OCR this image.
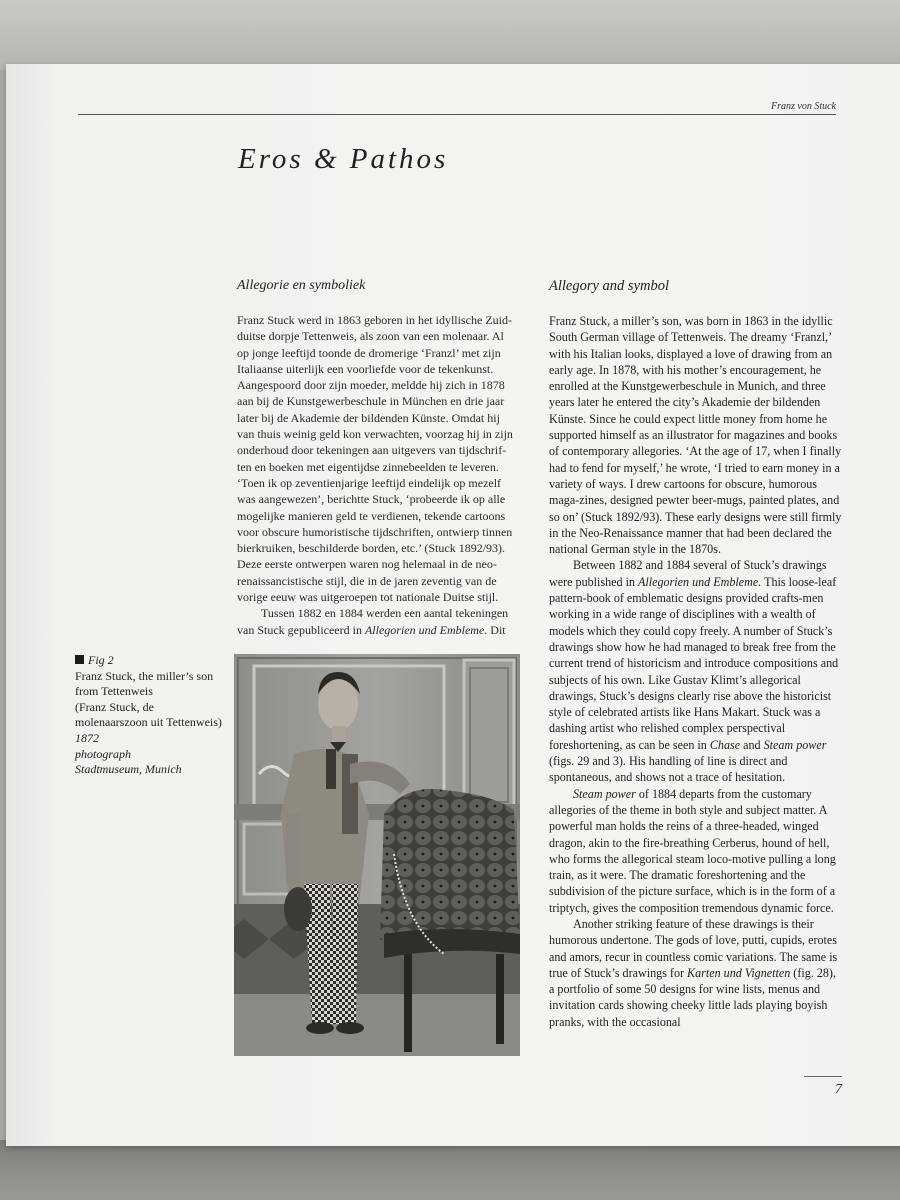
Franz von Stuck
Eros & Pathos
Allegorie en symboliek

Franz Stuck werd in 1863 geboren in het idyllische Zuid-duitse dorpje Tettenweis, als zoon van een molenaar. Al op jonge leeftijd toonde de dromerige ‘Franzl’ met zijn Italiaanse uiterlijk een voorliefde voor de tekenkunst. Aangespoord door zijn moeder, meldde hij zich in 1878 aan bij de Kunstgewerbeschule in München en drie jaar later bij de Akademie der bildenden Künste. Omdat hij van thuis weinig geld kon verwachten, voorzag hij in zijn onderhoud door tekeningen aan uitgevers van tijdschrif-ten en boeken met eigentijdse zinnebeelden te leveren. ‘Toen ik op zeventienjarige leeftijd eindelijk op mezelf was aangewezen’, berichtte Stuck, ‘probeerde ik op alle mogelijke manieren geld te verdienen, tekende cartoons voor obscure humoristische tijdschriften, ontwierp tinnen bierkruiken, beschilderde borden, etc.’ (Stuck 1892/93). Deze eerste ontwerpen waren nog helemaal in de neo-renaissancistische stijl, die in de jaren zeventig van de vorige eeuw was uitgeroepen tot nationale Duitse stijl.

Tussen 1882 en 1884 werden een aantal tekeningen van Stuck gepubliceerd in Allegorien und Embleme. Dit

Allegory and symbol

Franz Stuck, a miller’s son, was born in 1863 in the idyllic South German village of Tettenweis. The dreamy ‘Franzl,’ with his Italian looks, displayed a love of drawing from an early age. In 1878, with his mother’s encouragement, he enrolled at the Kunstgewerbeschule in Munich, and three years later he entered the city’s Akademie der bildenden Künste. Since he could expect little money from home he supported himself as an illustrator for magazines and books of contemporary allegories. ‘At the age of 17, when I finally had to fend for myself,’ he wrote, ‘I tried to earn money in a variety of ways. I drew cartoons for obscure, humorous maga-zines, designed pewter beer-mugs, painted plates, and so on’ (Stuck 1892/93). These early designs were still firmly in the Neo-Renaissance manner that had been declared the national German style in the 1870s.

Between 1882 and 1884 several of Stuck’s drawings were published in Allegorien und Embleme. This loose-leaf pattern-book of emblematic designs provided crafts-men working in a wide range of disciplines with a wealth of models which they could copy freely. A number of Stuck’s drawings show how he had managed to break free from the current trend of historicism and introduce compositions and subjects of his own. Like Gustav Klimt’s allegorical drawings, Stuck’s designs clearly rise above the historicist style of celebrated artists like Hans Makart. Stuck was a dashing artist who relished complex perspectival foreshortening, as can be seen in Chase and Steam power (figs. 29 and 3). His handling of line is direct and spontaneous, and shows not a trace of hesitation.

Steam power of 1884 departs from the customary allegories of the theme in both style and subject matter. A powerful man holds the reins of a three-headed, winged dragon, akin to the fire-breathing Cerberus, hound of hell, who forms the allegorical steam loco-motive pulling a long train, as it were. The dramatic foreshortening and the subdivision of the picture surface, which is in the form of a triptych, gives the composition tremendous dynamic force.

Another striking feature of these drawings is their humorous undertone. The gods of love, putti, cupids, erotes and amors, recur in countless comic variations. The same is true of Stuck’s drawings for Karten und Vignetten (fig. 28), a portfolio of some 50 designs for wine lists, menus and invitation cards showing cheeky little lads playing boyish pranks, with the occasional

Fig 2
Franz Stuck, the miller’s son from Tettenweis
(Franz Stuck, de molenaarszoon uit Tettenweis)
1872
photograph
Stadtmuseum, Munich
7
